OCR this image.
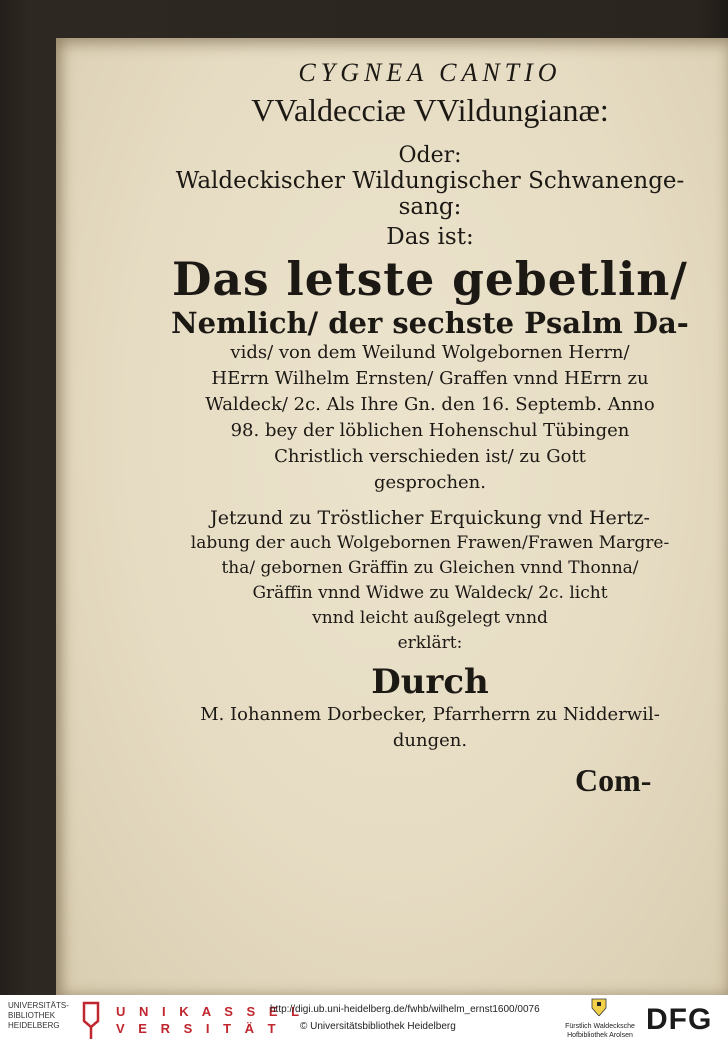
CYGNEA CANTIO
VValdecciæ VVildungianæ:
Oder:
Waldeckischer Wildungischer Schwanenge-
sang:
Das ist:
Das letste gebetlin/
Nemlich/ der sechste Psalm Da-
vids/ von dem Weilund Wolgebornen Herrn/
HErrn Wilhelm Ernsten/ Graffen vnnd HErrn zu
Waldeck/ 2c. Als Ihre Gn. den 16. Septemb. Anno
98. bey der löblichen Hohenschul Tübingen
Christlich verschieden ist/ zu Gott
gesprochen.
Jetzund zu Tröstlicher Erquickung vnd Hertz-
labung der auch Wolgebornen Frawen/Frawen Margre-
tha/ gebornen Gräffin zu Gleichen vnnd Thonna/
Gräffin vnnd Widwe zu Waldeck/ 2c. licht
vnnd leicht außgelegt vnnd
erklärt:
Durch
M. Iohannem Dorbecker, Pfarrherrn zu Nidderwil-
dungen.
Com-
UNIVERSITÄTS-
BIBLIOTHEK
HEIDELBERG
U N I K A S S E L
V E R S I T Ä T
http://digi.ub.uni-heidelberg.de/fwhb/wilhelm_ernst1600/0076
© Universitätsbibliothek Heidelberg	Fürstlich Waldecksche
Hofbibliothek Arolsen DFG
